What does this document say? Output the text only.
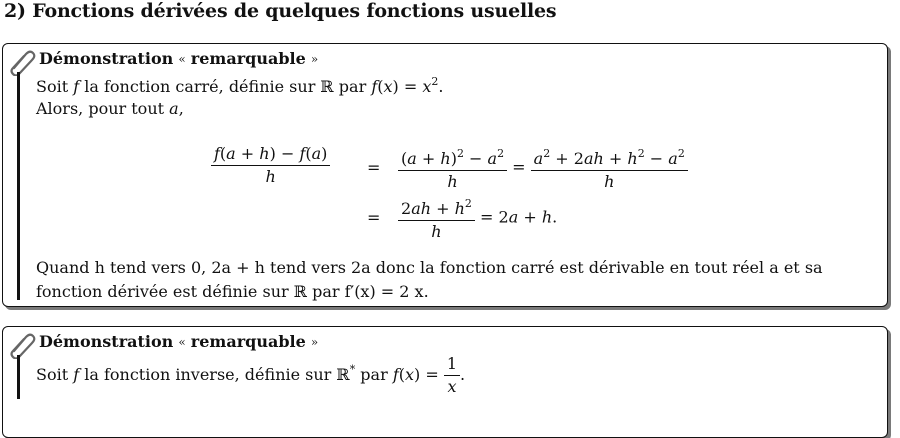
2) Fonctions dérivées de quelques fonctions usuelles
Démonstration « remarquable »
Soit f la fonction carré, définie sur ℝ par $f(x) = x^2$.
Alors, pour tout a,
$\frac{f(a + h) - f(a)}{h} = \frac{(a + h)^2 - a^2}{h} = \frac{a^2 + 2ah + h^2 - a^2}{h}$
= $\frac{2ah + h^2}{h} = 2a + h$.
Quand h tend vers 0, 2a + h tend vers 2a donc la fonction carré est dérivable en tout réel a et sa
fonction dérivée est définie sur ℝ par f′(x) = 2 x.
Démonstration « remarquable »
Soit f la fonction inverse, définie sur ℝ* par $f(x) = \frac{1}{x}$ .
